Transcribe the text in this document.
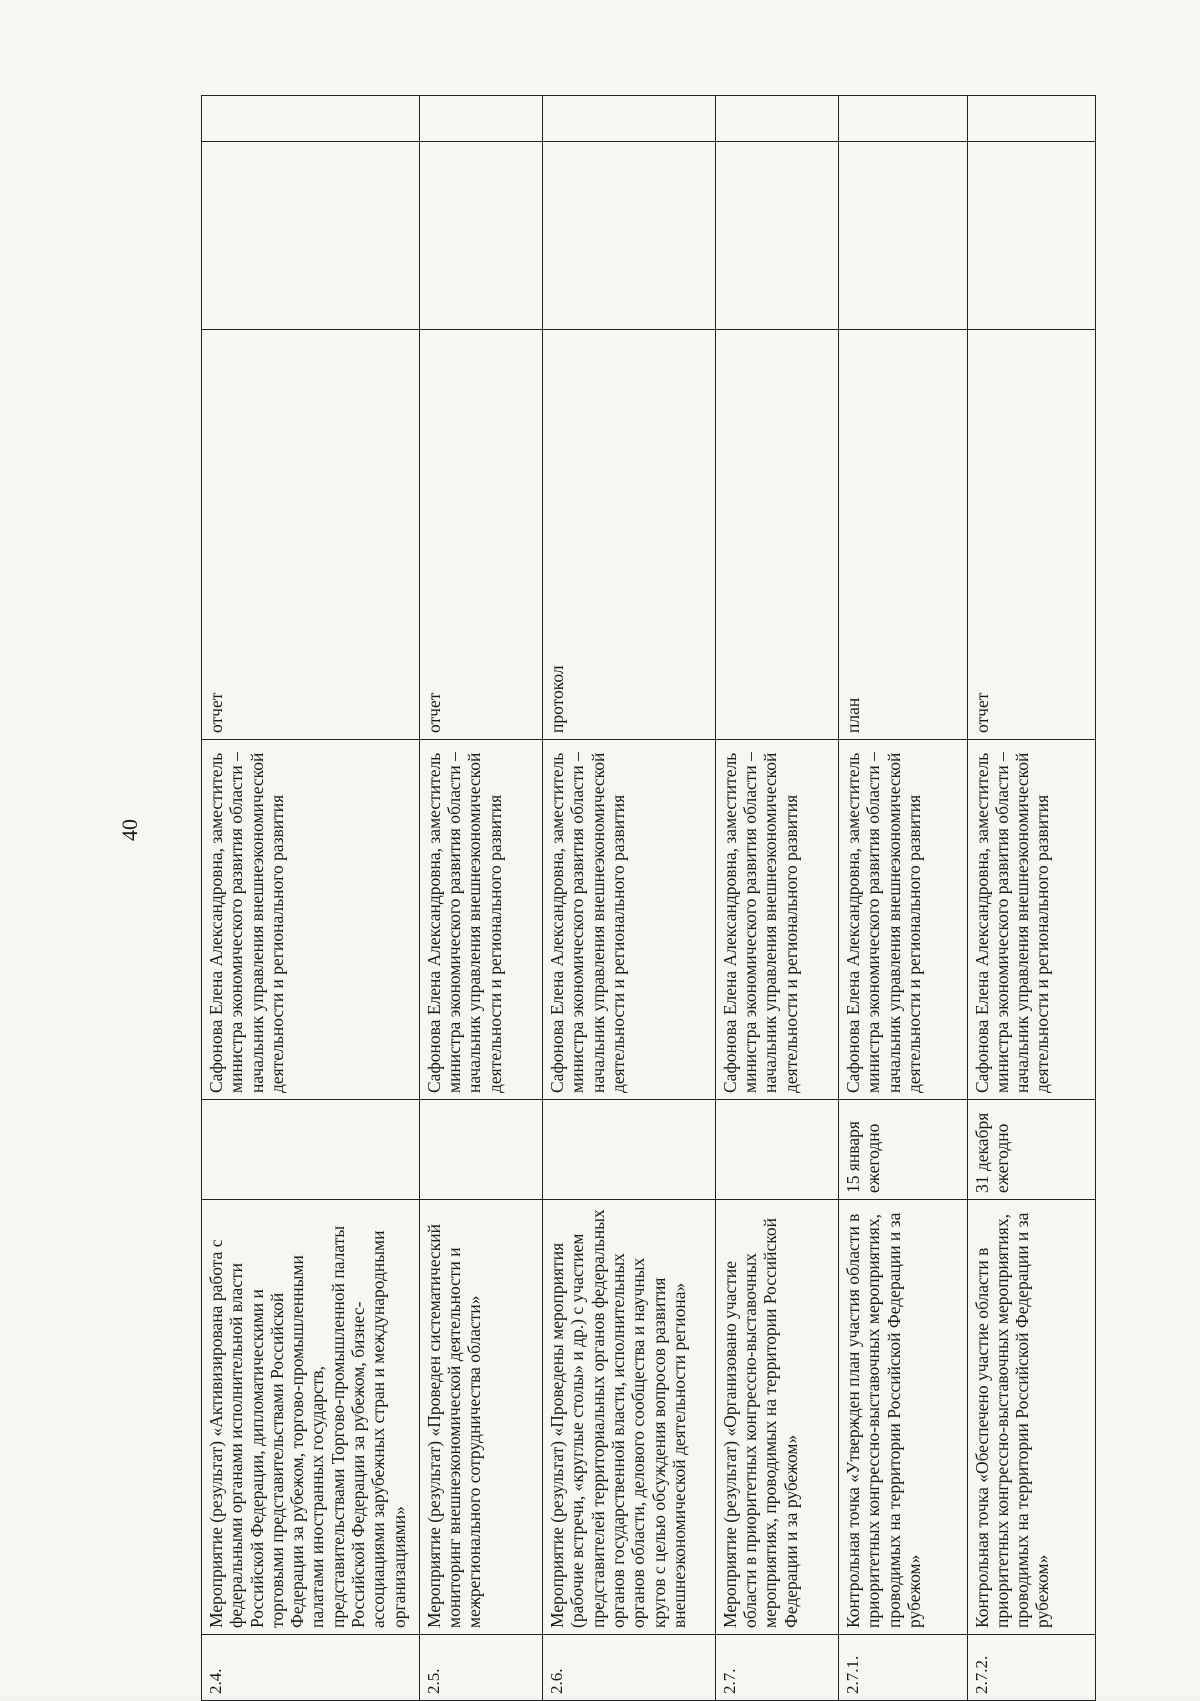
40
2.4.	Мероприятие (результат) «Активизирована работа с федеральными органами исполнительной власти Российской Федерации, дипломатическими и торговыми представительствами Российской Федерации за рубежом, торгово-промышленными палатами иностранных государств, представительствами Торгово-промышленной палаты Российской Федерации за рубежом, бизнес-ассоциациями зарубежных стран и международными организациями»		Сафонова Елена Александровна, заместитель министра экономического развития области – начальник управления внешнеэкономической деятельности и регионального развития	отчет		
2.5.	Мероприятие (результат) «Проведен систематический мониторинг внешнеэкономической деятельности и межрегионального сотрудничества области»		Сафонова Елена Александровна, заместитель министра экономического развития области – начальник управления внешнеэкономической деятельности и регионального развития	отчет		
2.6.	Мероприятие (результат) «Проведены мероприятия (рабочие встречи, «круглые столы» и др.) с участием представителей территориальных органов федеральных органов государственной власти, исполнительных органов области, делового сообщества и научных кругов с целью обсуждения вопросов развития внешнеэкономической деятельности региона»		Сафонова Елена Александровна, заместитель министра экономического развития области – начальник управления внешнеэкономической деятельности и регионального развития	протокол		
2.7.	Мероприятие (результат) «Организовано участие области в приоритетных конгрессно-выставочных мероприятиях, проводимых на территории Российской Федерации и за рубежом»		Сафонова Елена Александровна, заместитель министра экономического развития области – начальник управления внешнеэкономической деятельности и регионального развития			
2.7.1.	Контрольная точка «Утвержден план участия области в приоритетных конгрессно-выставочных мероприятиях, проводимых на территории Российской Федерации и за рубежом»	15 января ежегодно	Сафонова Елена Александровна, заместитель министра экономического развития области – начальник управления внешнеэкономической деятельности и регионального развития	план		
2.7.2.	Контрольная точка «Обеспечено участие области в приоритетных конгрессно-выставочных мероприятиях, проводимых на территории Российской Федерации и за рубежом»	31 декабря ежегодно	Сафонова Елена Александровна, заместитель министра экономического развития области – начальник управления внешнеэкономической деятельности и регионального развития	отчет		
